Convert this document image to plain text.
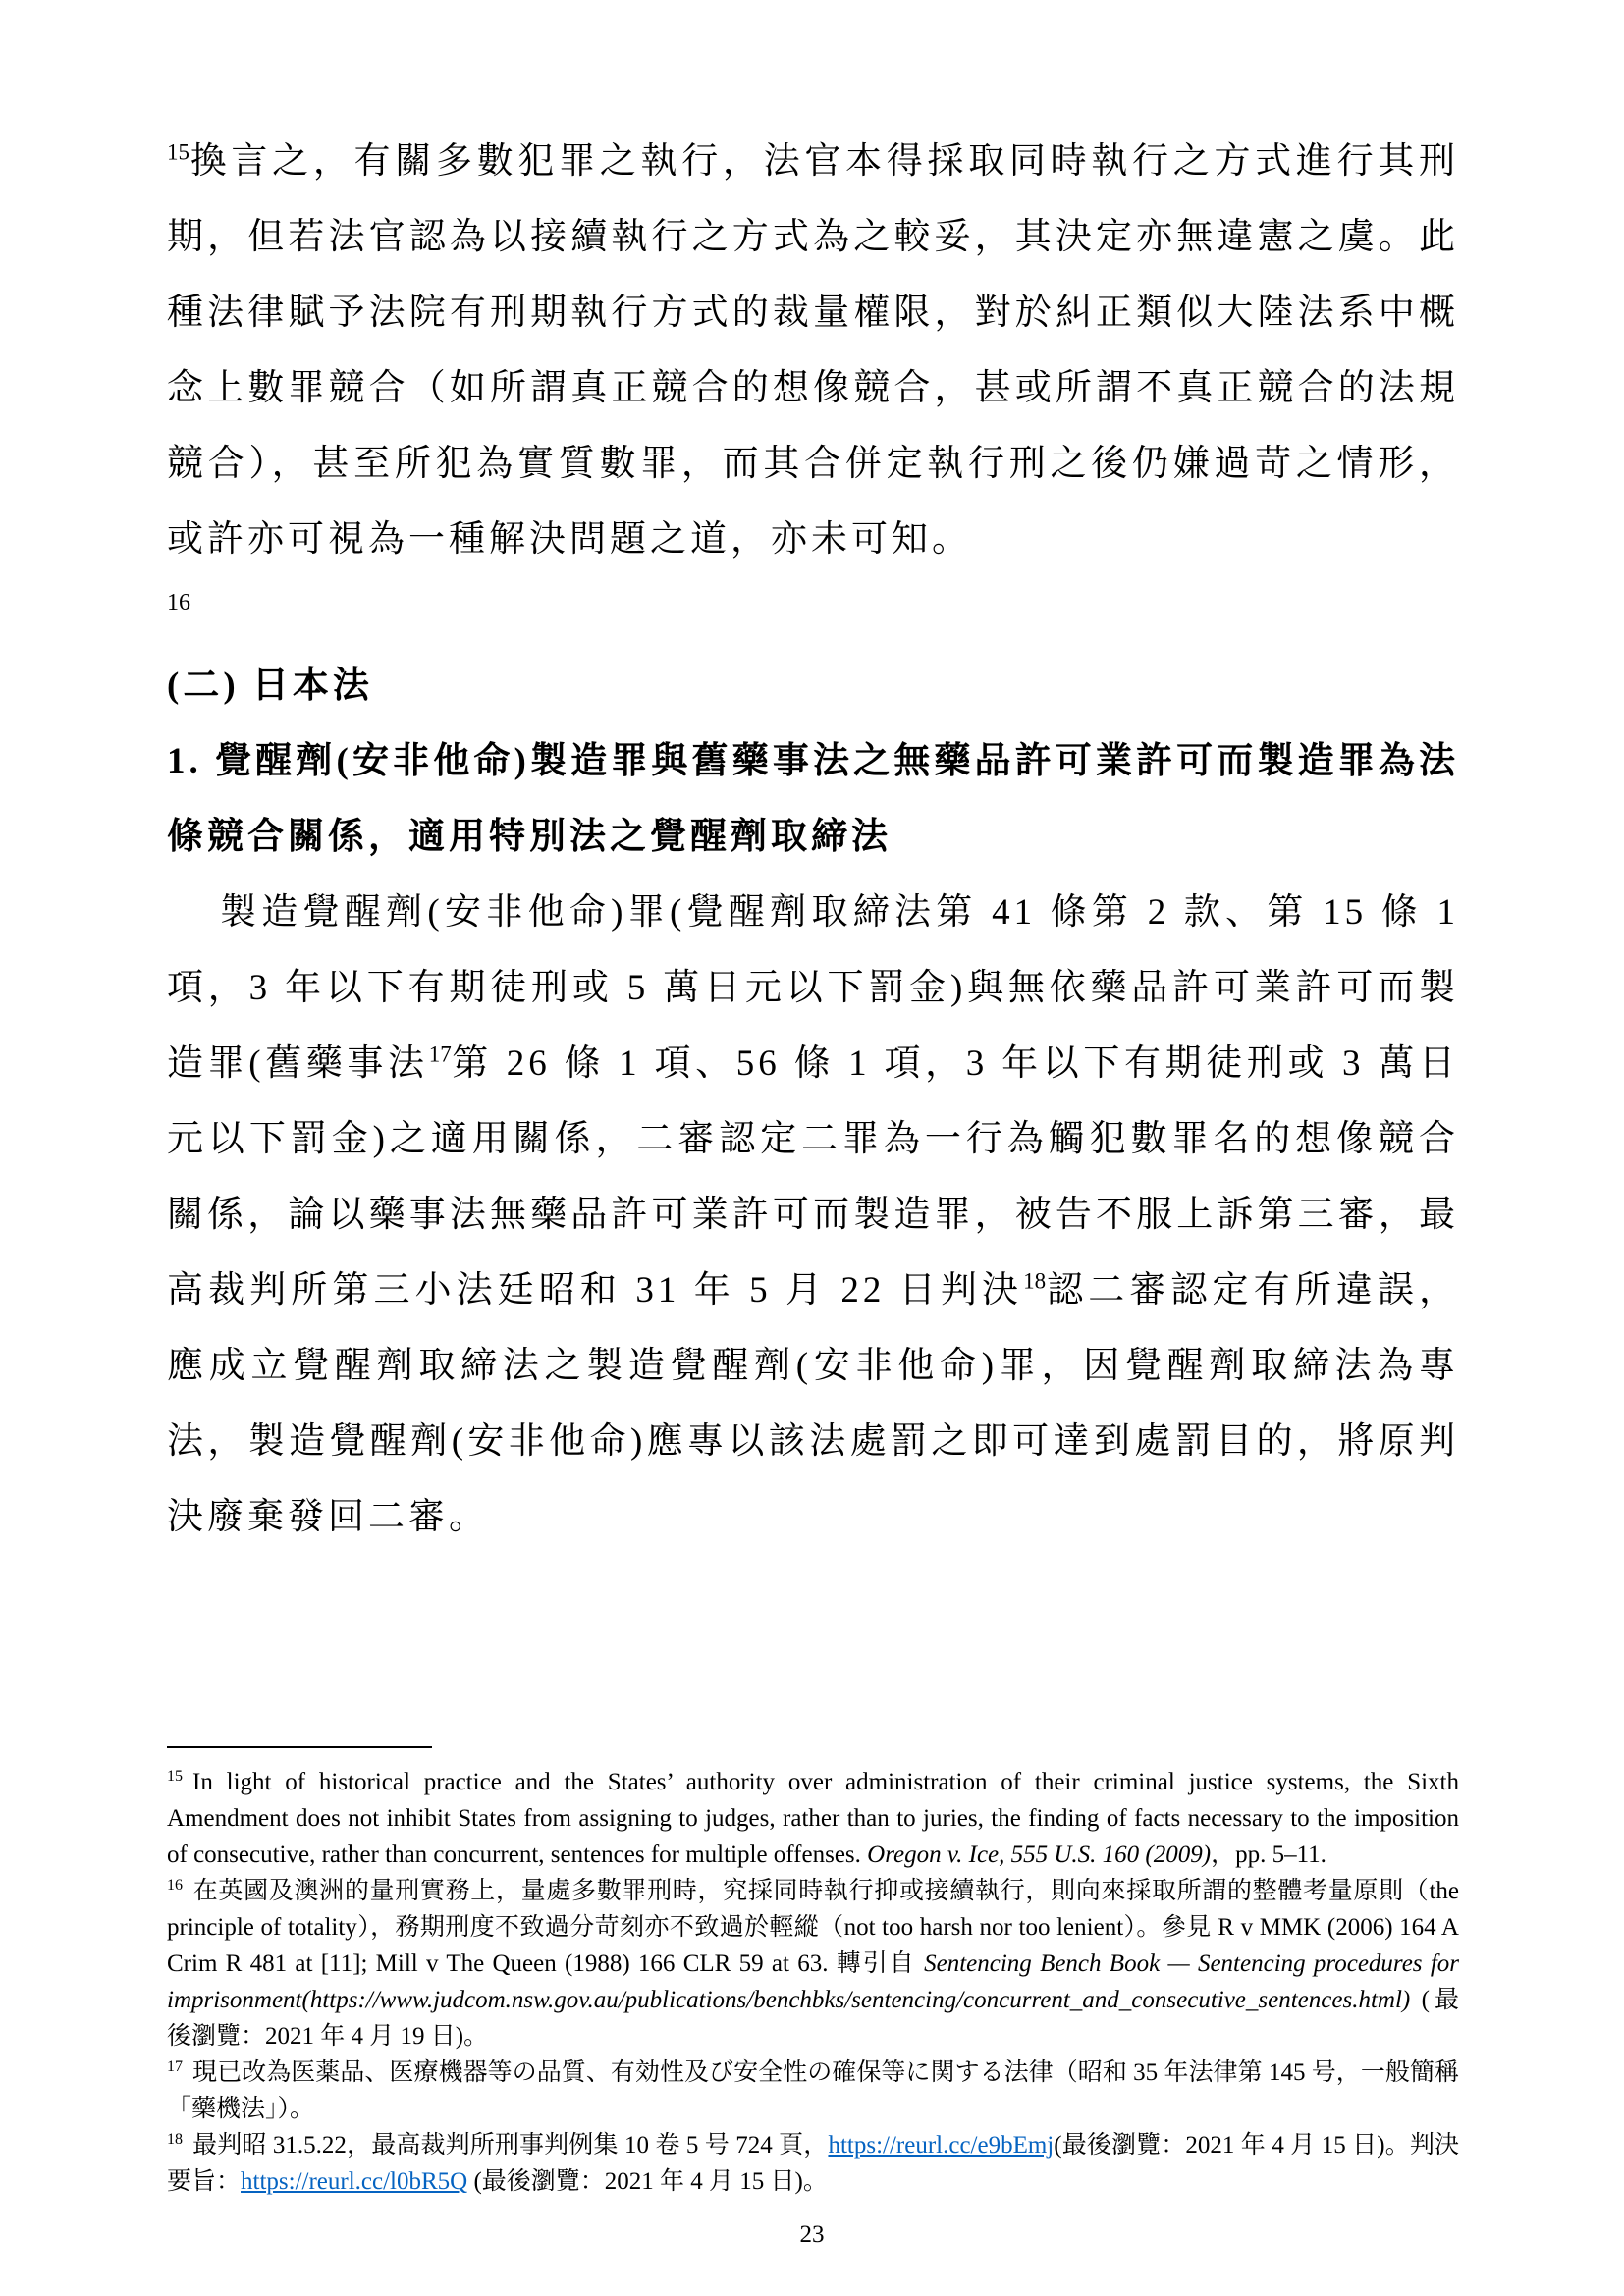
$^{15}$換言之，有關多數犯罪之執行，法官本得採取同時執行之方式進行其刑期，但若法官認為以接續執行之方式為之較妥，其決定亦無違憲之虞。此種法律賦予法院有刑期執行方式的裁量權限，對於糾正類似大陸法系中概念上數罪競合（如所謂真正競合的想像競合，甚或所謂不真正競合的法規競合），甚至所犯為實質數罪，而其合併定執行刑之後仍嫌過苛之情形，或許亦可視為一種解決問題之道，亦未可知。

16
(二) 日本法
1. 覺醒劑(安非他命)製造罪與舊藥事法之無藥品許可業許可而製造罪為法條競合關係，適用特別法之覺醒劑取締法

製造覺醒劑(安非他命)罪(覺醒劑取締法第 41 條第 2 款、第 15 條 1 項，3 年以下有期徒刑或 5 萬日元以下罰金)與無依藥品許可業許可而製造罪(舊藥事法$^{17}$第 26 條 1 項、56 條 1 項，3 年以下有期徒刑或 3 萬日元以下罰金)之適用關係，二審認定二罪為一行為觸犯數罪名的想像競合關係，論以藥事法無藥品許可業許可而製造罪，被告不服上訴第三審，最高裁判所第三小法廷昭和 31 年 5 月 22 日判決$^{18}$認二審認定有所違誤，應成立覺醒劑取締法之製造覺醒劑(安非他命)罪，因覺醒劑取締法為專法，製造覺醒劑(安非他命)應專以該法處罰之即可達到處罰目的，將原判決廢棄發回二審。

$^{15}$ In light of historical practice and the States’ authority over administration of their criminal justice systems, the Sixth Amendment does not inhibit States from assigning to judges, rather than to juries, the finding of facts necessary to the imposition of consecutive, rather than concurrent, sentences for multiple offenses. Oregon v. Ice, 555 U.S. 160 (2009)，pp. 5–11.

$^{16}$ 在英國及澳洲的量刑實務上，量處多數罪刑時，究採同時執行抑或接續執行，則向來採取所謂的整體考量原則（the principle of totality），務期刑度不致過分苛刻亦不致過於輕縱（not too harsh nor too lenient）。參見 R v MMK (2006) 164 A Crim R 481 at [11]; Mill v The Queen (1988) 166 CLR 59 at 63. 轉引自 Sentencing Bench Book — Sentencing procedures for imprisonment(https://www.judcom.nsw.gov.au/publications/benchbks/sentencing/concurrent_and_consecutive_sentences.html) (最後瀏覽：2021 年 4 月 19 日)。

$^{17}$ 現已改為医薬品、医療機器等の品質、有効性及び安全性の確保等に関する法律（昭和 35 年法律第 145 号，一般簡稱「藥機法」）。

$^{18}$ 最判昭 31.5.22，最高裁判所刑事判例集 10 卷 5 号 724 頁，https://reurl.cc/e9bEmj(最後瀏覽：2021 年 4 月 15 日)。判決要旨：https://reurl.cc/l0bR5Q (最後瀏覽：2021 年 4 月 15 日)。

23
